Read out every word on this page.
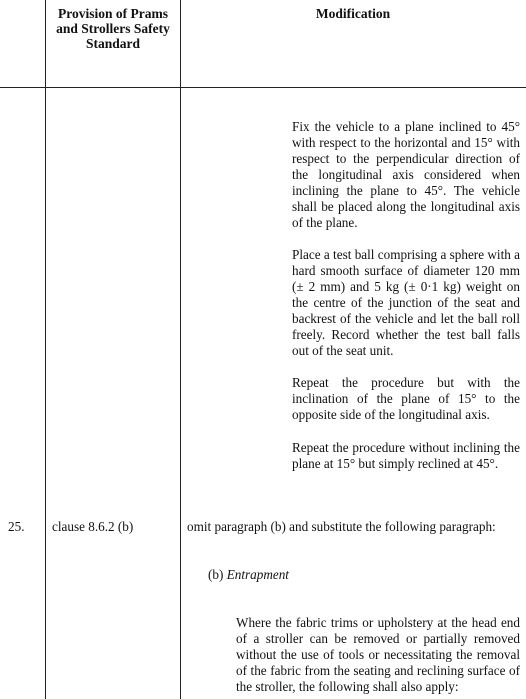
Provision of Prams and Strollers Safety Standard
Modification
Fix the vehicle to a plane inclined to 45° with respect to the horizontal and 15° with respect to the perpendicular direction of the longitudinal axis considered when inclining the plane to 45°. The vehicle shall be placed along the longitudinal axis of the plane.
Place a test ball comprising a sphere with a hard smooth surface of diameter 120 mm (± 2 mm) and 5 kg (± 0·1 kg) weight on the centre of the junction of the seat and backrest of the vehicle and let the ball roll freely. Record whether the test ball falls out of the seat unit.
Repeat the procedure but with the inclination of the plane of 15° to the opposite side of the longitudinal axis.
Repeat the procedure without inclining the plane at 15° but simply reclined at 45°.
25. clause 8.6.2 (b)	omit paragraph (b) and substitute the following paragraph:
(b) Entrapment
Where the fabric trims or upholstery at the head end of a stroller can be removed or partially removed without the use of tools or necessitating the removal of the fabric from the seating and reclining surface of the stroller, the following shall also apply:
